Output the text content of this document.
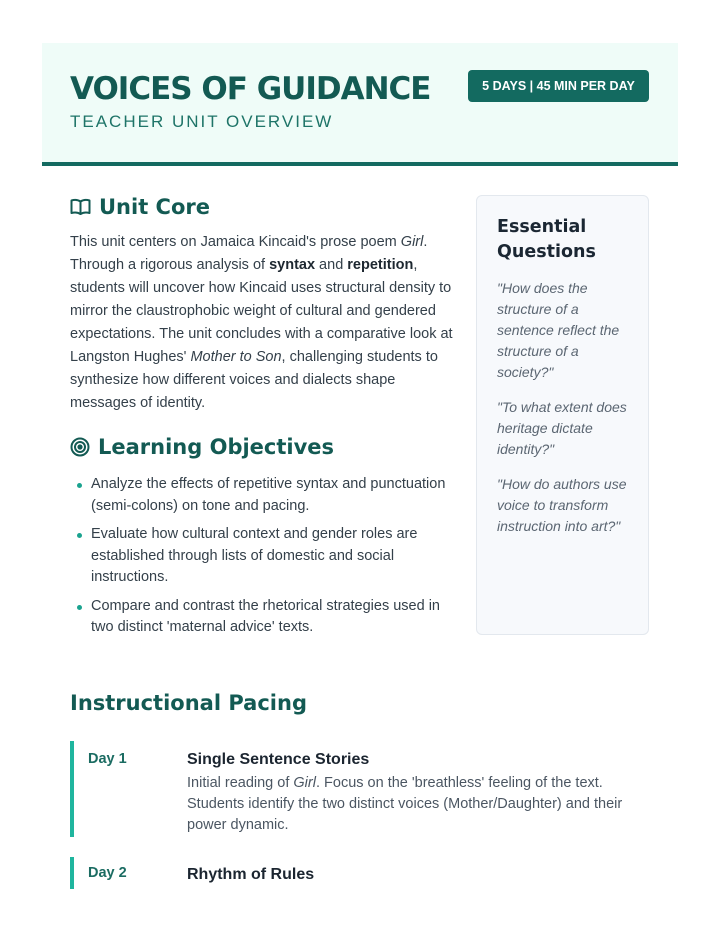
VOICES OF GUIDANCE
TEACHER UNIT OVERVIEW
5 DAYS | 45 MIN PER DAY
Unit Core
This unit centers on Jamaica Kincaid's prose poem Girl. Through a rigorous analysis of syntax and repetition, students will uncover how Kincaid uses structural density to mirror the claustrophobic weight of cultural and gendered expectations. The unit concludes with a comparative look at Langston Hughes' Mother to Son, challenging students to synthesize how different voices and dialects shape messages of identity.
Learning Objectives
Analyze the effects of repetitive syntax and punctuation (semi-colons) on tone and pacing.
Evaluate how cultural context and gender roles are established through lists of domestic and social instructions.
Compare and contrast the rhetorical strategies used in two distinct 'maternal advice' texts.
Essential Questions
"How does the structure of a sentence reflect the structure of a society?"
"To what extent does heritage dictate identity?"
"How do authors use voice to transform instruction into art?"
Instructional Pacing
Day 1	Single Sentence Stories
Initial reading of Girl. Focus on the 'breathless' feeling of the text. Students identify the two distinct voices (Mother/Daughter) and their power dynamic.
Day 2	Rhythm of Rules
